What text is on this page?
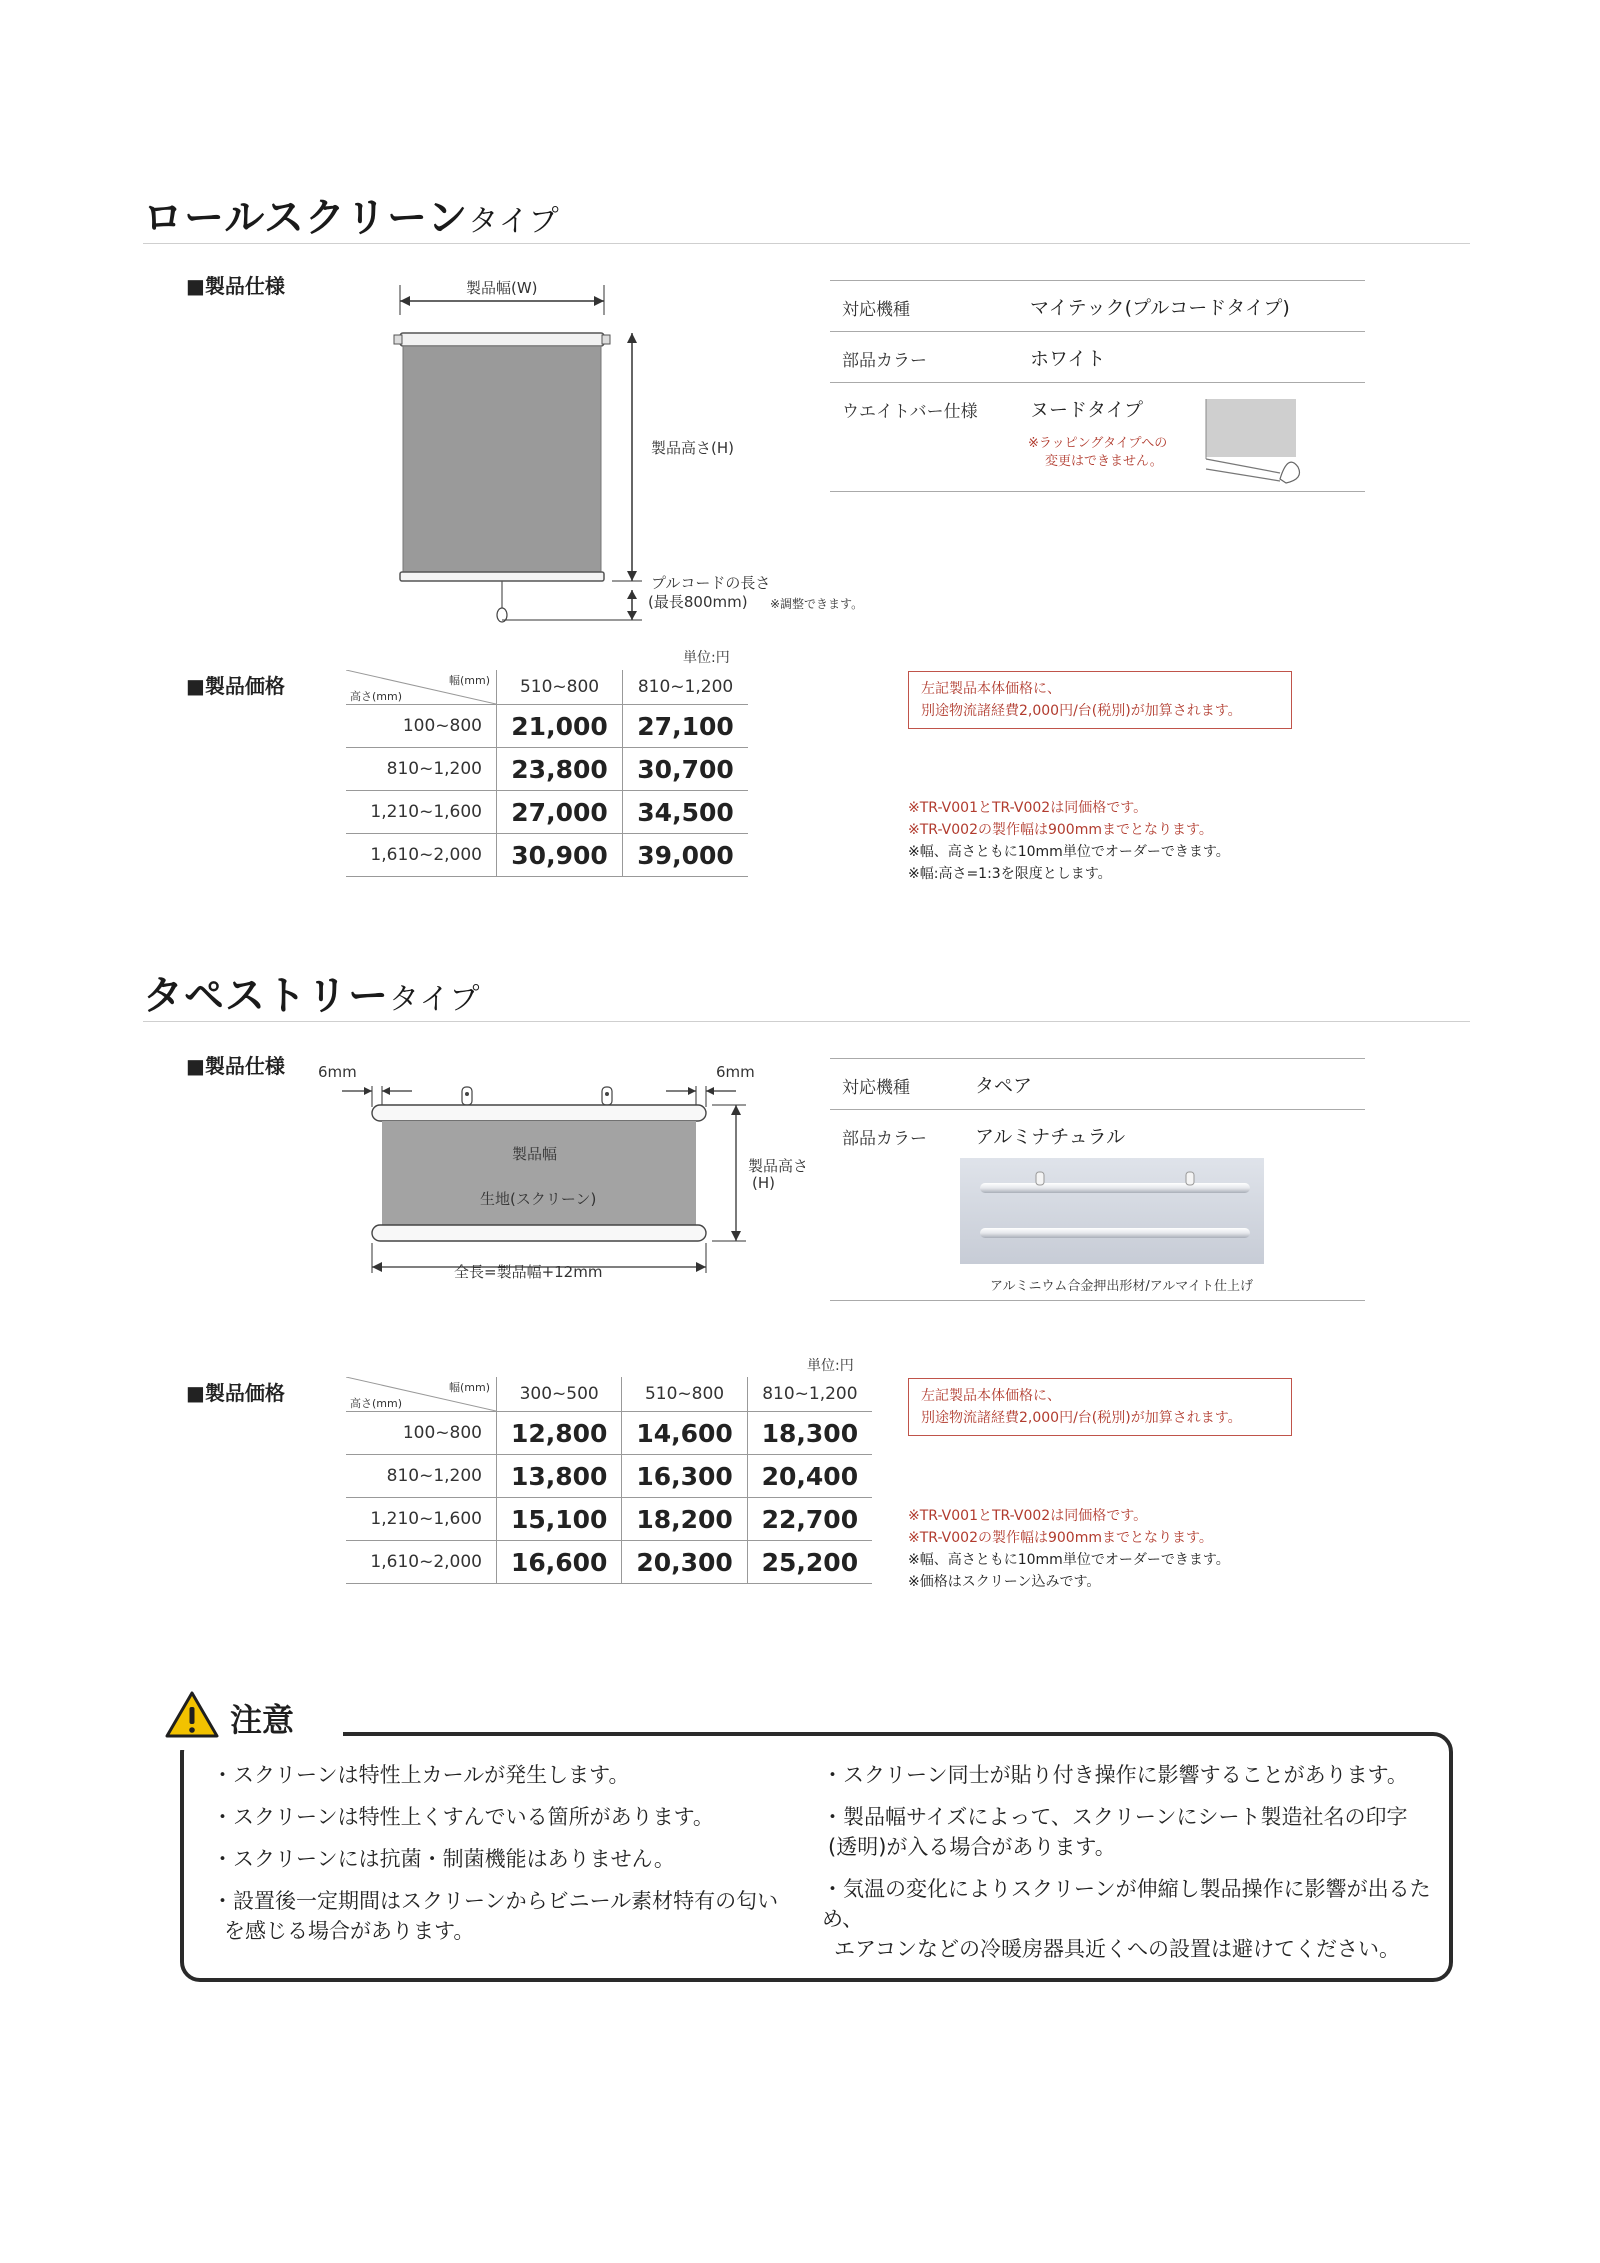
ロールスクリーンタイプ
■製品仕様	製品幅(W)
製品高さ(H)
プルコードの長さ
(最長800mm) ※調整できます。
対応機種	マイテック(プルコードタイプ)
部品カラー	ホワイト
ウエイトバー仕様	ヌードタイプ
※ラッピングタイプへの
変更はできません。
■製品価格
単位:円
幅(mm)
高さ(mm)	510~800	810~1,200
100~800	21,000	27,100
810~1,200	23,800	30,700
1,210~1,600	27,000	34,500
1,610~2,000	30,900	39,000
左記製品本体価格に、
別途物流諸経費2,000円/台(税別)が加算されます。
※TR-V001とTR-V002は同価格です。
※TR-V002の製作幅は900mmまでとなります。
※幅、高さともに10mm単位でオーダーできます。
※幅:高さ=1:3を限度とします。
タペストリータイプ
■製品仕様 6mm	6mm
製品幅
生地(スクリーン)
製品高さ
(H)
全長=製品幅+12mm
対応機種	タペア
部品カラー	アルミナチュラル
アルミニウム合金押出形材/アルマイト仕上げ
■製品価格
単位:円
幅(mm)
高さ(mm)	300~500	510~800	810~1,200
100~800	12,800	14,600	18,300
810~1,200	13,800	16,300	20,400
1,210~1,600	15,100	18,200	22,700
1,610~2,000	16,600	20,300	25,200
左記製品本体価格に、
別途物流諸経費2,000円/台(税別)が加算されます。
※TR-V001とTR-V002は同価格です。
※TR-V002の製作幅は900mmまでとなります。
※幅、高さともに10mm単位でオーダーできます。
※価格はスクリーン込みです。
注意
・スクリーンは特性上カールが発生します。
・スクリーンは特性上くすんでいる箇所があります。
・スクリーンには抗菌・制菌機能はありません。
・設置後一定期間はスクリーンからビニール素材特有の匂い
を感じる場合があります。
・スクリーン同士が貼り付き操作に影響することがあります。
・製品幅サイズによって、スクリーンにシート製造社名の印字
(透明)が入る場合があります。
・気温の変化によりスクリーンが伸縮し製品操作に影響が出るため、
エアコンなどの冷暖房器具近くへの設置は避けてください。
